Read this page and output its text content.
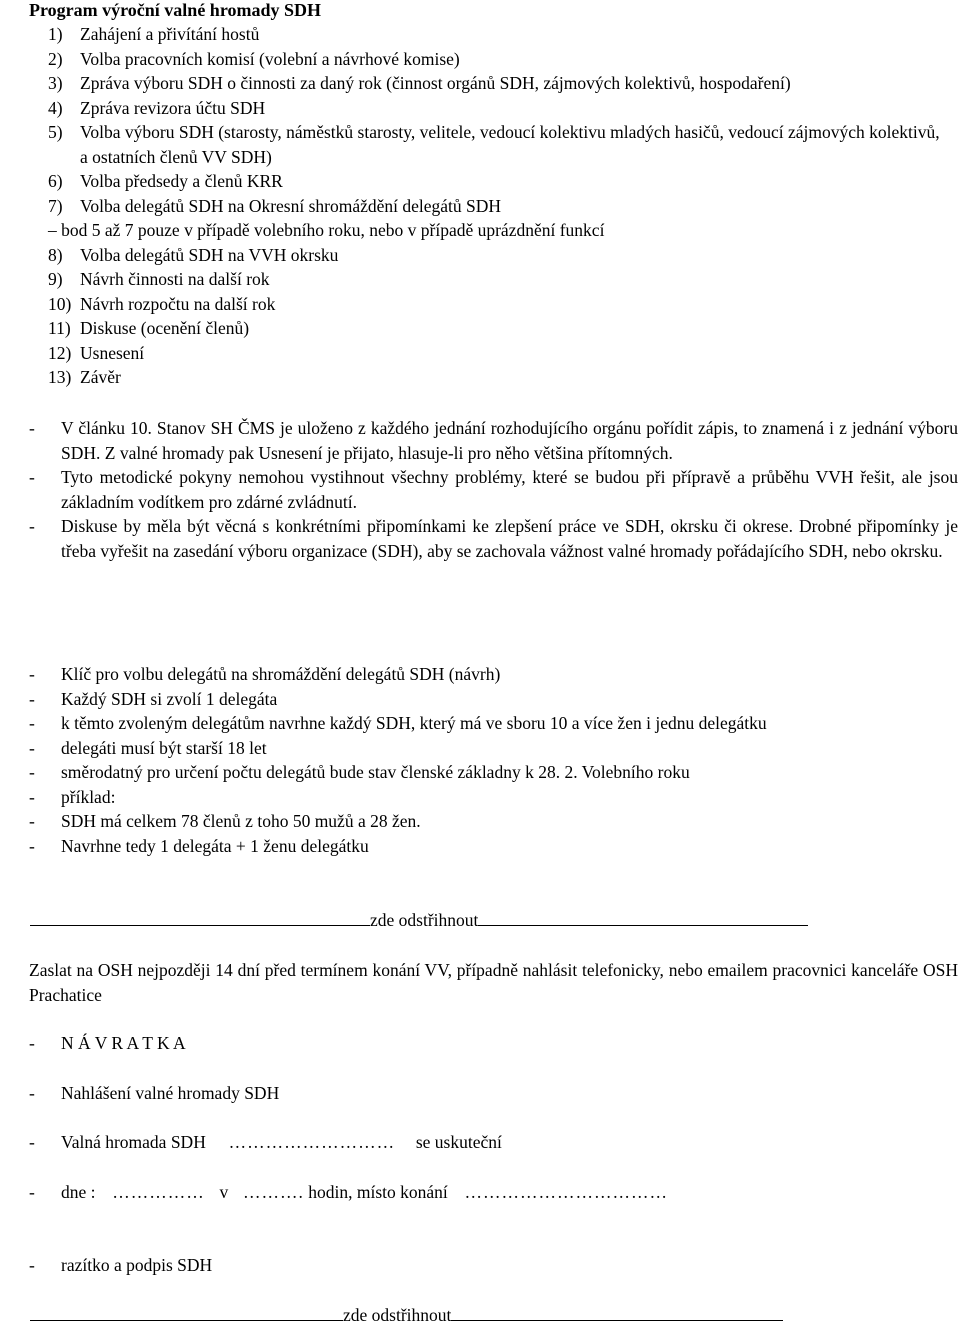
Program výroční valné hromady SDH
1) Zahájení a přivítání hostů
2) Volba pracovních komisí (volební a návrhové komise)
3) Zpráva výboru SDH o činnosti za daný rok (činnost orgánů SDH, zájmových kolektivů, hospodaření)
4) Zpráva revizora účtu SDH
5) Volba výboru SDH (starosty, náměstků starosty, velitele, vedoucí kolektivu mladých hasičů, vedoucí zájmových kolektivů, a ostatních členů VV SDH)
6) Volba předsedy a členů KRR
7) Volba delegátů SDH na Okresní shromáždění delegátů SDH
– bod 5 až 7 pouze v případě volebního roku, nebo v případě uprázdnění funkcí
8) Volba delegátů SDH na VVH okrsku
9) Návrh činnosti na další rok
10) Návrh rozpočtu na další rok
11) Diskuse (ocenění členů)
12) Usnesení
13) Závěr
-	V článku 10. Stanov SH ČMS je uloženo z každého jednání rozhodujícího orgánu pořídit zápis, to znamená i z jednání výboru SDH. Z valné hromady pak Usnesení je přijato, hlasuje-li pro něho většina přítomných.
-	Tyto metodické pokyny nemohou vystihnout všechny problémy, které se budou při přípravě a průběhu VVH řešit, ale jsou základním vodítkem pro zdárné zvládnutí.
-	Diskuse by měla být věcná s konkrétními připomínkami ke zlepšení práce ve SDH, okrsku či okrese. Drobné připomínky je třeba vyřešit na zasedání výboru organizace (SDH), aby se zachovala vážnost valné hromady pořádajícího SDH, nebo okrsku.
-	Klíč pro volbu delegátů na shromáždění delegátů SDH (návrh)
-	Každý SDH si zvolí 1 delegáta
-	k těmto zvoleným delegátům navrhne každý SDH, který má ve sboru 10 a více žen i jednu delegátku
-	delegáti musí být starší 18 let
-	směrodatný pro určení počtu delegátů bude stav členské základny k 28. 2. Volebního roku
-	příklad:
-	SDH má celkem 78 členů z toho 50 mužů a 28 žen.
-	Navrhne tedy 1 delegáta + 1 ženu delegátku
zde odstřihnout
Zaslat na OSH nejpozději 14 dní před termínem konání VV, případně nahlásit telefonicky, nebo emailem pracovnici kanceláře OSH Prachatice
-	N Á V R A T K A
-	Nahlášení valné hromady SDH
-	Valná hromada SDH ……………………… se uskuteční
-	dne : …………… v ………. hodin, místo konání ……………………………
-	razítko a podpis SDH
zde odstřihnout
